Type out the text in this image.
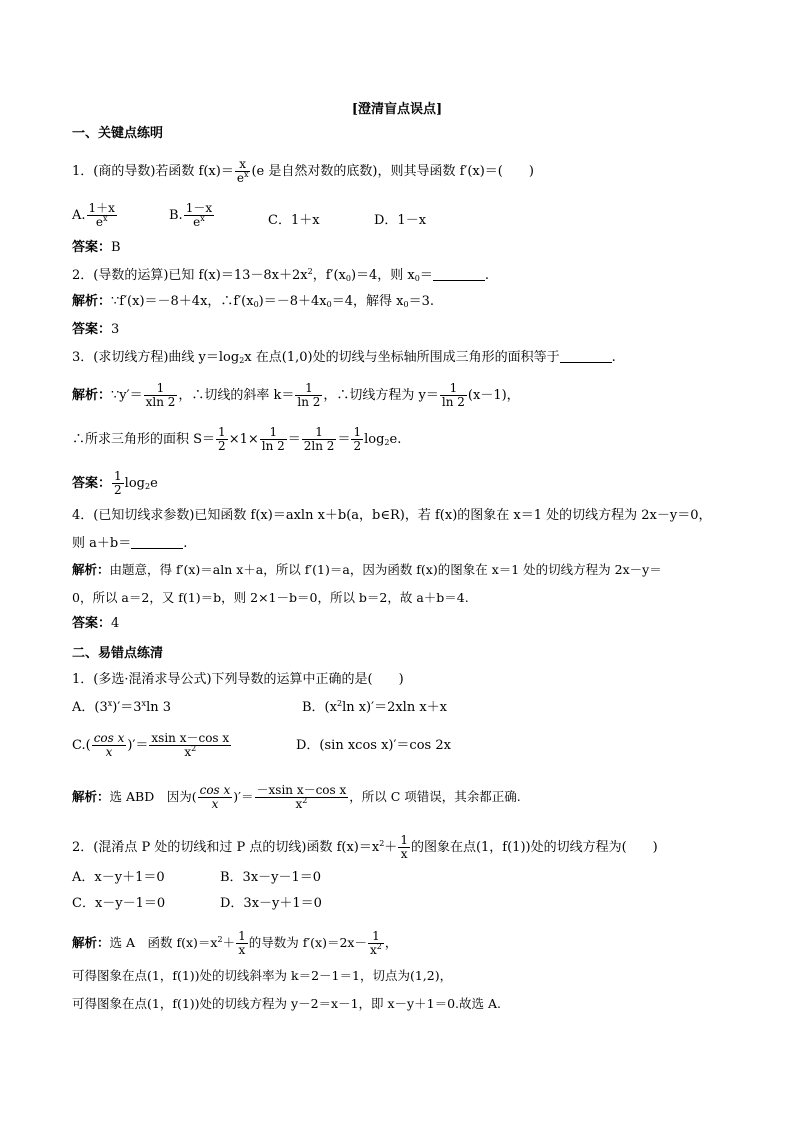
[澄清盲点误点]
一、关键点练明
1．(商的导数)若函数 $f(x)= \frac{x}{e^x} (e$ 是自然对数的底数)，则其导函数 f′(x)＝(　　)
A. $\frac{1+x}{e^x}$	B. $\frac{1-x}{e^x}$	C．1＋x	D．1－x
答案：B
2．(导数的运算)已知 $f(x)=13-8x+2x^2$，$f'(x_0)=4$，则 $x_0=$	.
解析：∵f′(x)＝－8＋4x，$\therefore f'(x_0)=-8+4x_0=4$，解得 $x_0=3$.
答案：3
3．(求切线方程)曲线 $y=\log_2x$ 在点(1,0)处的切线与坐标轴所围成三角形的面积等于	.
解析：∵y′＝ $\frac{1}{xln 2}$ ，∴切线的斜率 $k= \frac{1}{\ln 2}$ ，∴切线方程为 $y= \frac{1}{\ln 2} (x-1)$，
∴所求三角形的面积 $S= \frac{1}{2} \times 1\times \frac{1}{\ln 2} = \frac{1}{2\ln 2} = \frac{1}{2} \log_2e$.
答案： $\frac{1}{2} \log_2e$
4．(已知切线求参数)已知函数 f(x)＝axln x＋b(a，b∈R)，若 f(x)的图象在 x＝1 处的切线方程为 2x－y＝0，
则 a＋b＝	.
解析：由题意，得 f′(x)＝aln x＋a，所以 f′(1)＝a，因为函数 f(x)的图象在 x＝1 处的切线方程为 2x－y＝
0，所以 a＝2，又 f(1)＝b，则 2×1－b＝0，所以 b＝2，故 a＋b＝4.
答案：4
二、易错点练清
1．(多选·混淆求导公式)下列导数的运算中正确的是(　　)
A．$(3^x)'=3^x\ln$ 3	B．($x^2\ln$ x)′＝2xln x＋x
$C.( \frac{\text{cos x}}{x}$ )′＝ $\frac{\text{xsin x－cos x}}{x^2}$	D．(sin xcos x)′＝cos 2x
解析：选 ABD　因为( $\frac{\text{cos x}}{x}$ )′＝ $\frac{\text{－xsin x－cos x}}{x^2}$ ，所以 C 项错误，其余都正确.
2．(混淆点 P 处的切线和过 P 点的切线)函数 $f(x)=x^2+ \frac{1}{x}$ 的图象在点(1，f(1))处的切线方程为(　　)
A．x－y＋1＝0	B．3x－y－1＝0
C．x－y－1＝0	D．3x－y＋1＝0
解析：选 A　函数 $f(x)=x^2+ \frac{1}{x}$ 的导数为 $f'(x)=2x- \frac{1}{x^2}$ ，
可得图象在点(1，f(1))处的切线斜率为 k＝2－1＝1，切点为(1,2)，
可得图象在点(1，f(1))处的切线方程为 y－2＝x－1，即 x－y＋1＝0.故选 A.
